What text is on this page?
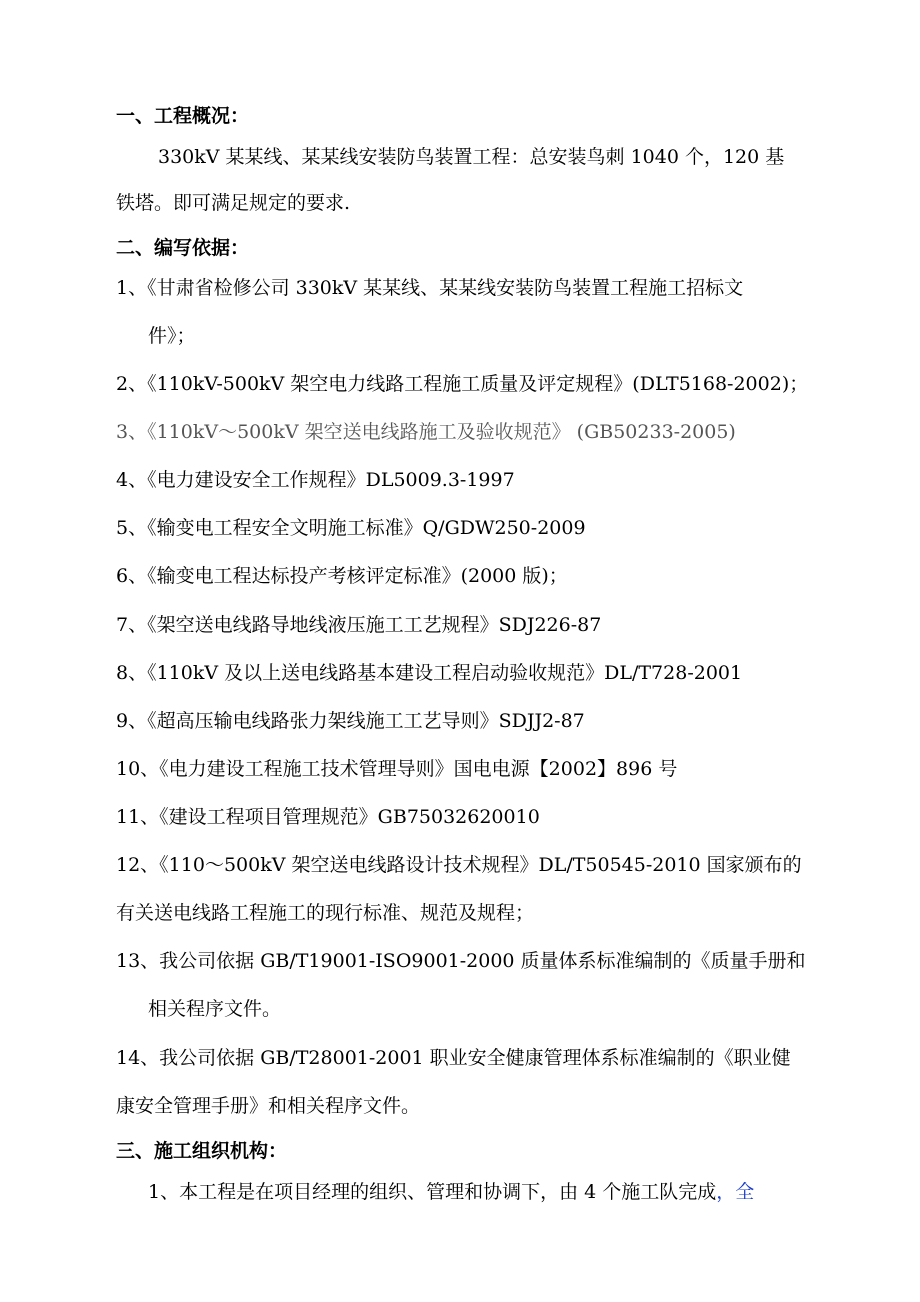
一、工程概况：
330kV 某某线、某某线安装防鸟装置工程：总安装鸟刺 1040 个，120 基
铁塔。即可满足规定的要求.
二、编写依据：
1、《甘肃省检修公司 330kV 某某线、某某线安装防鸟装置工程施工招标文
件》；
2、《110kV-500kV 架空电力线路工程施工质量及评定规程》(DLT5168-2002)；
3、《110kV～500kV 架空送电线路施工及验收规范》 (GB50233-2005)
4、《电力建设安全工作规程》DL5009.3-1997
5、《输变电工程安全文明施工标准》Q/GDW250-2009
6、《输变电工程达标投产考核评定标准》(2000 版)；
7、《架空送电线路导地线液压施工工艺规程》SDJ226-87
8、《110kV 及以上送电线路基本建设工程启动验收规范》DL/T728-2001
9、《超高压输电线路张力架线施工工艺导则》SDJJ2-87
10、《电力建设工程施工技术管理导则》国电电源【2002】896 号
11、《建设工程项目管理规范》GB75032620010
12、《110～500kV 架空送电线路设计技术规程》DL/T50545-2010 国家颁布的
有关送电线路工程施工的现行标准、规范及规程；
13、我公司依据 GB/T19001-ISO9001-2000 质量体系标准编制的《质量手册和
相关程序文件。
14、我公司依据 GB/T28001-2001 职业安全健康管理体系标准编制的《职业健
康安全管理手册》和相关程序文件。
三、施工组织机构：
1、本工程是在项目经理的组织、管理和协调下，由 4 个施工队完成，全
